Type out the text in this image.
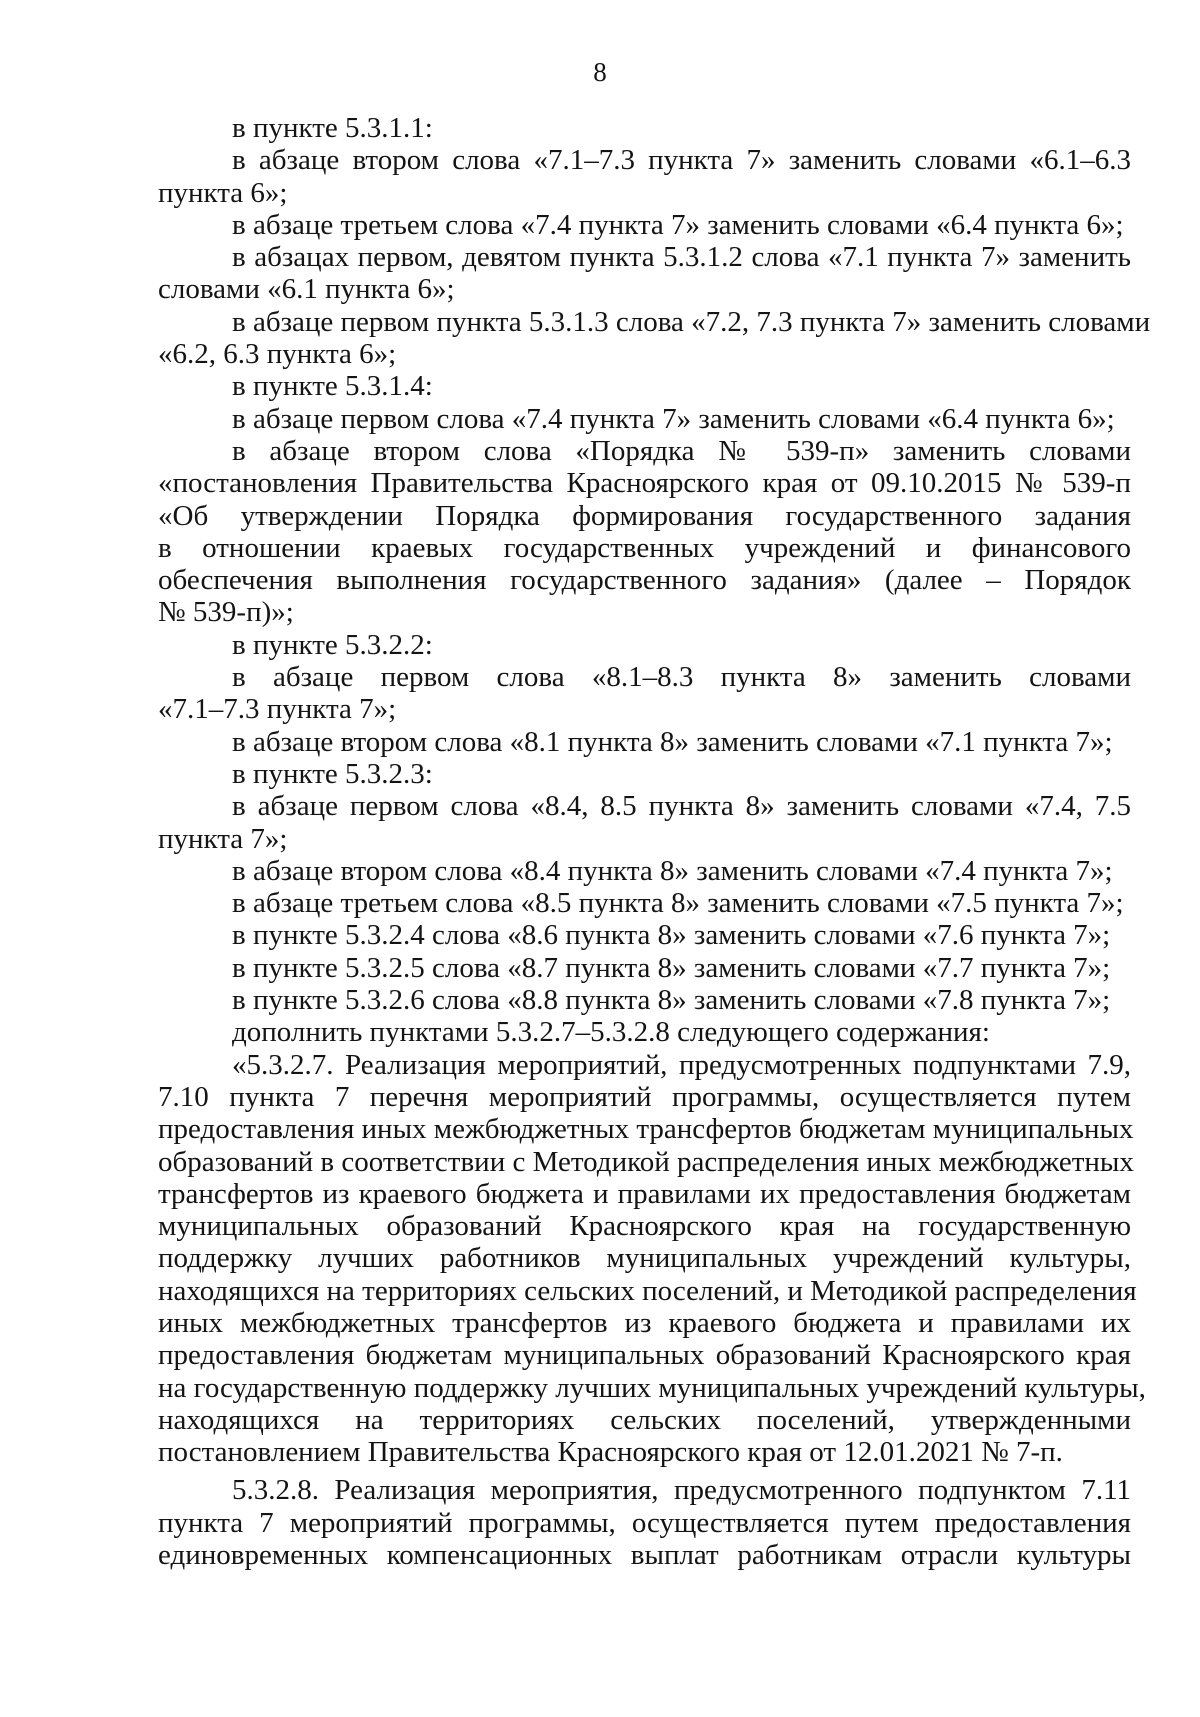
8
в пункте 5.3.1.1:
в абзаце втором слова «7.1–7.3 пункта 7» заменить словами «6.1–6.3
пункта 6»;
в абзаце третьем слова «7.4 пункта 7» заменить словами «6.4 пункта 6»;
в абзацах первом, девятом пункта 5.3.1.2 слова «7.1 пункта 7» заменить
словами «6.1 пункта 6»;
в абзаце первом пункта 5.3.1.3 слова «7.2, 7.3 пункта 7» заменить словами
«6.2, 6.3 пункта 6»;
в пункте 5.3.1.4:
в абзаце первом слова «7.4 пункта 7» заменить словами «6.4 пункта 6»;
в абзаце втором слова «Порядка № 539-п» заменить словами
«постановления Правительства Красноярского края от 09.10.2015 № 539-п
«Об утверждении Порядка формирования государственного задания
в отношении краевых государственных учреждений и финансового
обеспечения выполнения государственного задания» (далее – Порядок
№ 539-п)»;
в пункте 5.3.2.2:
в абзаце первом слова «8.1–8.3 пункта 8» заменить словами
«7.1–7.3 пункта 7»;
в абзаце втором слова «8.1 пункта 8» заменить словами «7.1 пункта 7»;
в пункте 5.3.2.3:
в абзаце первом слова «8.4, 8.5 пункта 8» заменить словами «7.4, 7.5
пункта 7»;
в абзаце втором слова «8.4 пункта 8» заменить словами «7.4 пункта 7»;
в абзаце третьем слова «8.5 пункта 8» заменить словами «7.5 пункта 7»;
в пункте 5.3.2.4 слова «8.6 пункта 8» заменить словами «7.6 пункта 7»;
в пункте 5.3.2.5 слова «8.7 пункта 8» заменить словами «7.7 пункта 7»;
в пункте 5.3.2.6 слова «8.8 пункта 8» заменить словами «7.8 пункта 7»;
дополнить пунктами 5.3.2.7–5.3.2.8 следующего содержания:
«5.3.2.7. Реализация мероприятий, предусмотренных подпунктами 7.9,
7.10 пункта 7 перечня мероприятий программы, осуществляется путем
предоставления иных межбюджетных трансфертов бюджетам муниципальных
образований в соответствии с Методикой распределения иных межбюджетных
трансфертов из краевого бюджета и правилами их предоставления бюджетам
муниципальных образований Красноярского края на государственную
поддержку лучших работников муниципальных учреждений культуры,
находящихся на территориях сельских поселений, и Методикой распределения
иных межбюджетных трансфертов из краевого бюджета и правилами их
предоставления бюджетам муниципальных образований Красноярского края
на государственную поддержку лучших муниципальных учреждений культуры,
находящихся на территориях сельских поселений, утвержденными
постановлением Правительства Красноярского края от 12.01.2021 № 7-п.
5.3.2.8. Реализация мероприятия, предусмотренного подпунктом 7.11
пункта 7 мероприятий программы, осуществляется путем предоставления
единовременных компенсационных выплат работникам отрасли культуры
